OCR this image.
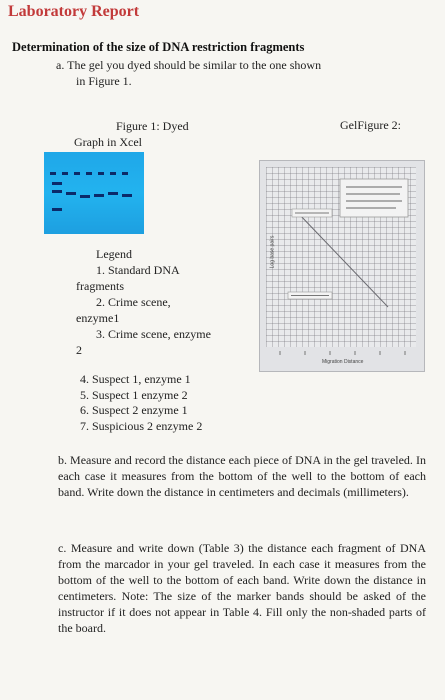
Laboratory Report
Determination of the size of DNA restriction fragments
a. The gel you dyed should be similar to the one shown
in Figure 1.
Figure 1: Dyed
Graph in Xcel
GelFigure 2:
Log base pairs
Migration Distance
Legend
1. Standard DNA
fragments
2. Crime scene,
enzyme1
3. Crime scene, enzyme
2
4. Suspect 1, enzyme 1
5. Suspect 1 enzyme 2
6. Suspect 2 enzyme 1
7. Suspicious 2 enzyme 2
b. Measure and record the distance each piece of DNA in the gel traveled. In each case it measures from the bottom of the well to the bottom of each band. Write down the distance in centimeters and decimals (millimeters).
c. Measure and write down (Table 3) the distance each fragment of DNA from the marcador in your gel traveled. In each case it measures from the bottom of the well to the bottom of each band. Write down the distance in centimeters. Note: The size of the marker bands should be asked of the instructor if it does not appear in Table 4. Fill only the non-shaded parts of the board.
